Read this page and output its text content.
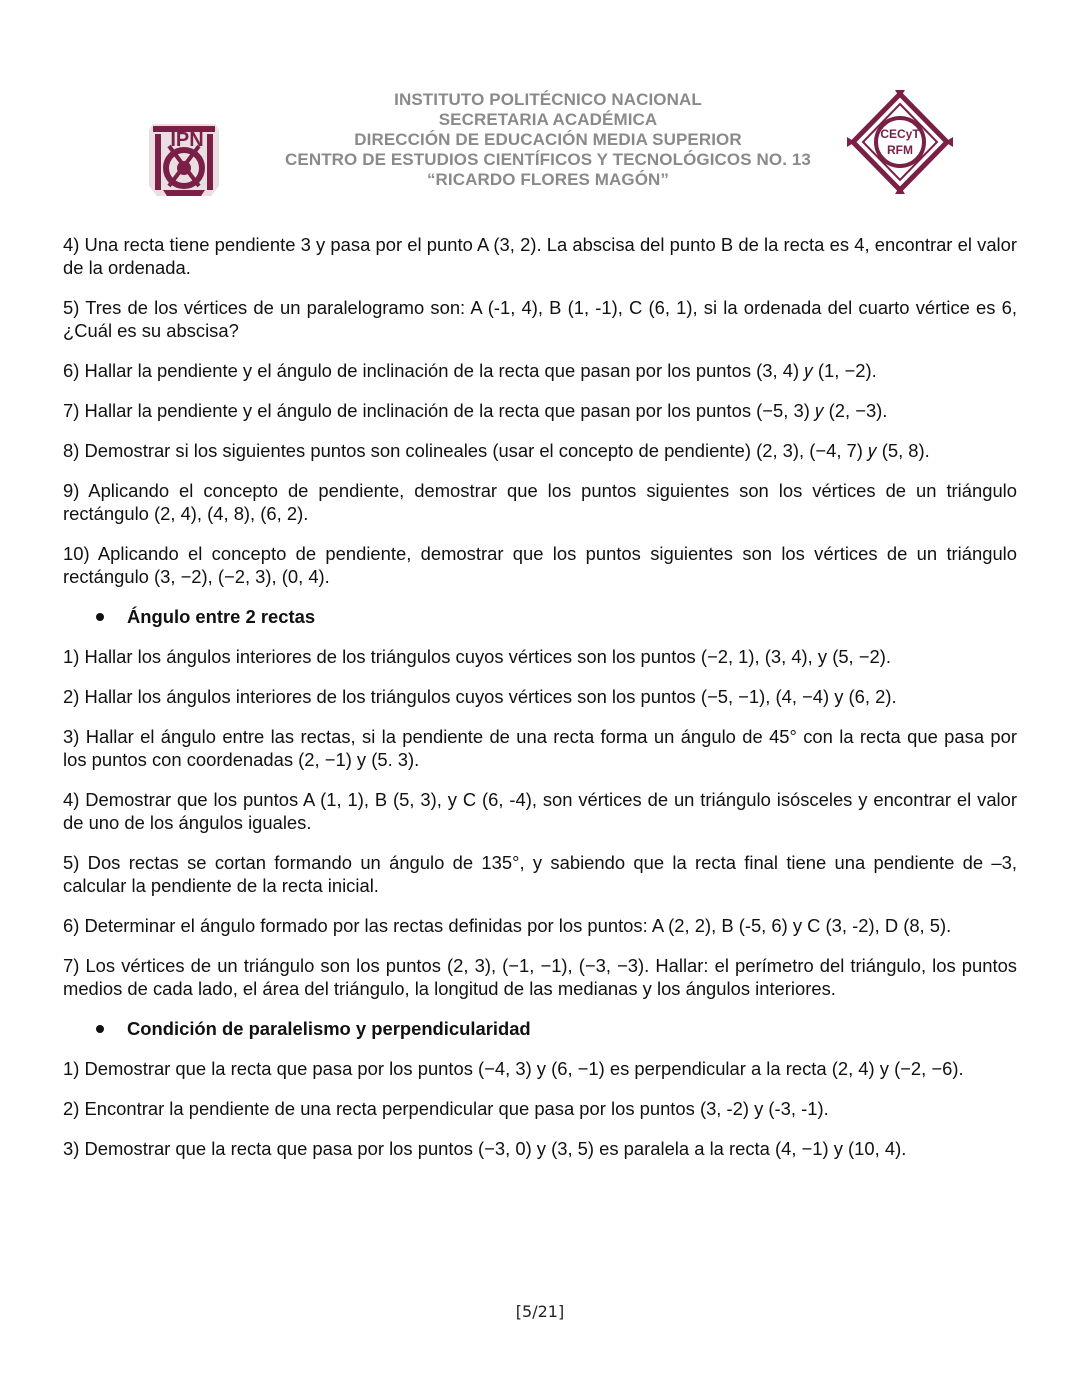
IPN
INSTITUTO POLITÉCNICO NACIONAL
SECRETARIA ACADÉMICA
DIRECCIÓN DE EDUCACIÓN MEDIA SUPERIOR
CENTRO DE ESTUDIOS CIENTÍFICOS Y TECNOLÓGICOS NO. 13
“RICARDO FLORES MAGÓN”
CECyT
RFM

4) Una recta tiene pendiente 3 y pasa por el punto A (3, 2). La abscisa del punto B de la recta es 4, encontrar el valor de la ordenada.

5) Tres de los vértices de un paralelogramo son: A (-1, 4), B (1, -1), C (6, 1), si la ordenada del cuarto vértice es 6, ¿Cuál es su abscisa?

6) Hallar la pendiente y el ángulo de inclinación de la recta que pasan por los puntos (3, 4) 𝑦 (1, −2).

7) Hallar la pendiente y el ángulo de inclinación de la recta que pasan por los puntos (−5, 3) 𝑦 (2, −3).

8) Demostrar si los siguientes puntos son colineales (usar el concepto de pendiente) (2, 3), (−4, 7) 𝑦 (5, 8).

9) Aplicando el concepto de pendiente, demostrar que los puntos siguientes son los vértices de un triángulo rectángulo (2, 4), (4, 8), (6, 2).

10) Aplicando el concepto de pendiente, demostrar que los puntos siguientes son los vértices de un triángulo rectángulo (3, −2), (−2, 3), (0, 4).

Ángulo entre 2 rectas

1) Hallar los ángulos interiores de los triángulos cuyos vértices son los puntos (−2, 1), (3, 4), y (5, −2).

2) Hallar los ángulos interiores de los triángulos cuyos vértices son los puntos (−5, −1), (4, −4) y (6, 2).

3) Hallar el ángulo entre las rectas, si la pendiente de una recta forma un ángulo de 45° con la recta que pasa por los puntos con coordenadas (2, −1) y (5. 3).

4) Demostrar que los puntos A (1, 1), B (5, 3), y C (6, -4), son vértices de un triángulo isósceles y encontrar el valor de uno de los ángulos iguales.

5) Dos rectas se cortan formando un ángulo de 135°, y sabiendo que la recta final tiene una pendiente de –3, calcular la pendiente de la recta inicial.

6) Determinar el ángulo formado por las rectas definidas por los puntos: A (2, 2), B (-5, 6) y C (3, -2), D (8, 5).

7) Los vértices de un triángulo son los puntos (2, 3), (−1, −1), (−3, −3). Hallar: el perímetro del triángulo, los puntos medios de cada lado, el área del triángulo, la longitud de las medianas y los ángulos interiores.

Condición de paralelismo y perpendicularidad

1) Demostrar que la recta que pasa por los puntos (−4, 3) y (6, −1) es perpendicular a la recta (2, 4) y (−2, −6).

2) Encontrar la pendiente de una recta perpendicular que pasa por los puntos (3, -2) y (-3, -1).

3) Demostrar que la recta que pasa por los puntos (−3, 0) y (3, 5) es paralela a la recta (4, −1) y (10, 4).

[5/21]
